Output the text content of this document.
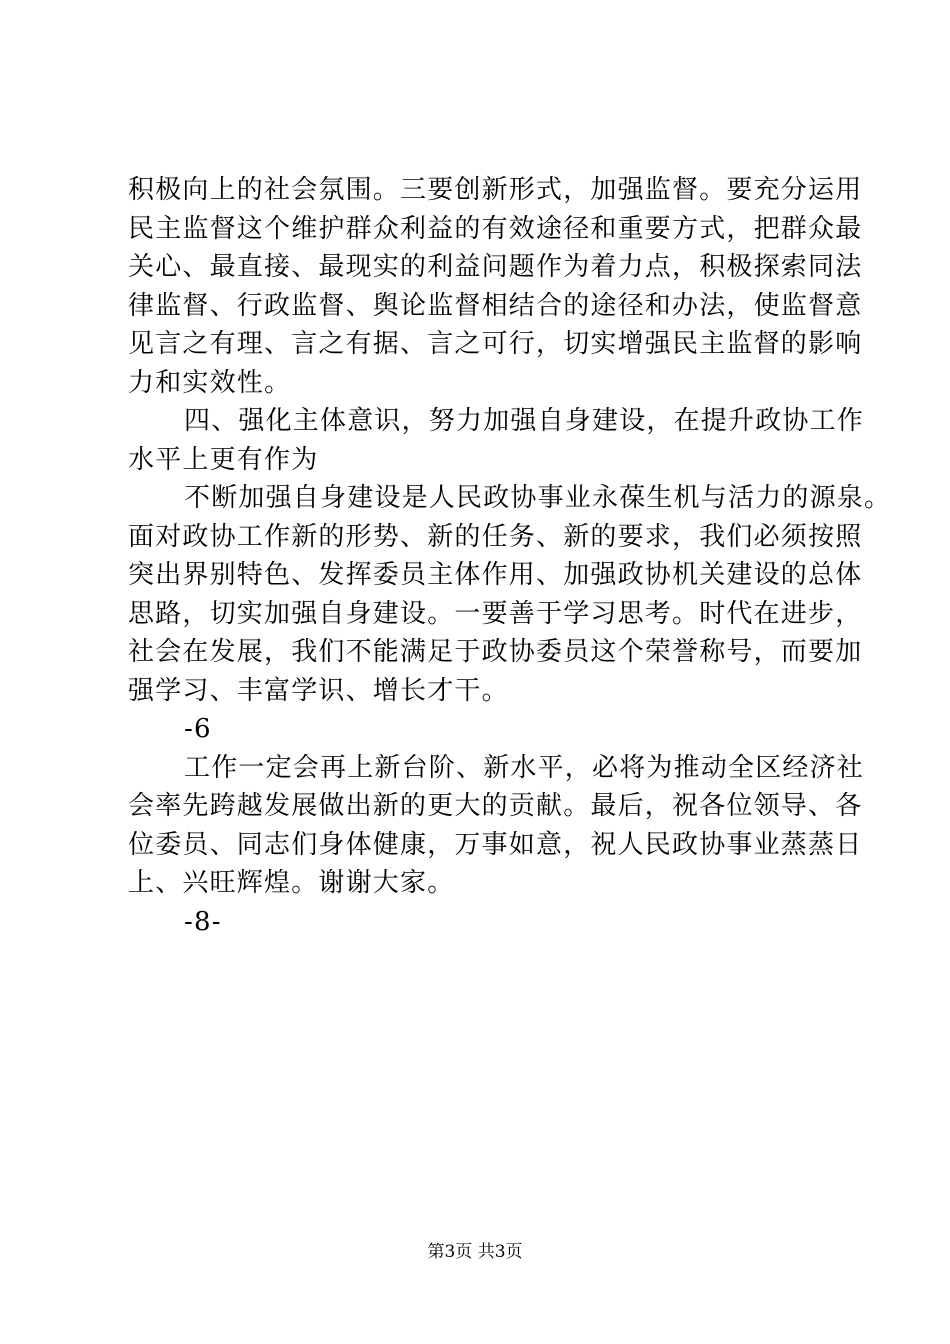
积极向上的社会氛围。三要创新形式，加强监督。要充分运用
民主监督这个维护群众利益的有效途径和重要方式，把群众最
关心、最直接、最现实的利益问题作为着力点，积极探索同法
律监督、行政监督、舆论监督相结合的途径和办法，使监督意
见言之有理、言之有据、言之可行，切实增强民主监督的影响
力和实效性。
四、强化主体意识，努力加强自身建设，在提升政协工作
水平上更有作为
不断加强自身建设是人民政协事业永葆生机与活力的源泉。
面对政协工作新的形势、新的任务、新的要求，我们必须按照
突出界别特色、发挥委员主体作用、加强政协机关建设的总体
思路，切实加强自身建设。一要善于学习思考。时代在进步，
社会在发展，我们不能满足于政协委员这个荣誉称号，而要加
强学习、丰富学识、增长才干。
-6
工作一定会再上新台阶、新水平，必将为推动全区经济社
会率先跨越发展做出新的更大的贡献。最后，祝各位领导、各
位委员、同志们身体健康，万事如意，祝人民政协事业蒸蒸日
上、兴旺辉煌。谢谢大家。
-8-
第3页 共3页
